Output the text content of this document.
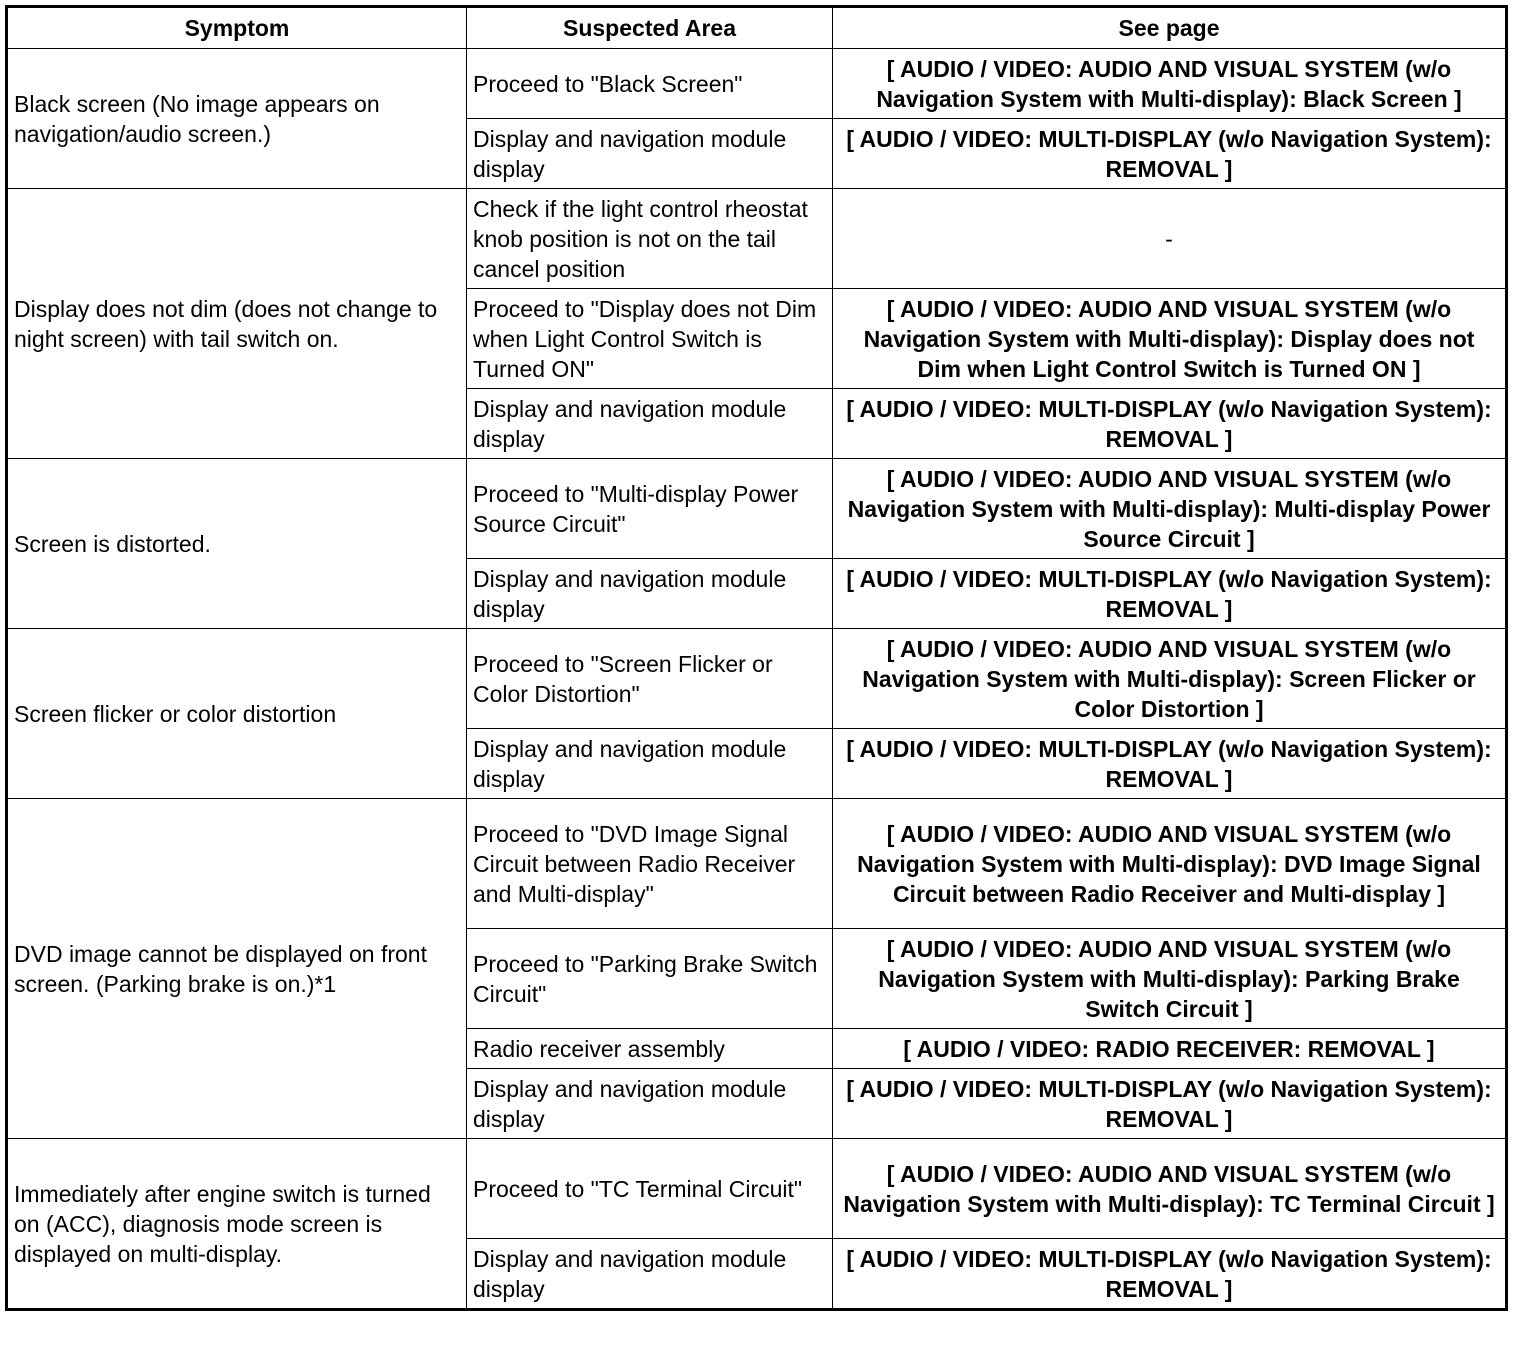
Symptom	Suspected Area	See page
Black screen (No image appears on navigation/audio screen.)	Proceed to "Black Screen"	[ AUDIO / VIDEO: AUDIO AND VISUAL SYSTEM (w/o Navigation System with Multi-display): Black Screen ]
	Display and navigation module display	[ AUDIO / VIDEO: MULTI-DISPLAY (w/o Navigation System): REMOVAL ]
Display does not dim (does not change to night screen) with tail switch on.	Check if the light control rheostat knob position is not on the tail cancel position	-
	Proceed to "Display does not Dim when Light Control Switch is Turned ON"	[ AUDIO / VIDEO: AUDIO AND VISUAL SYSTEM (w/o Navigation System with Multi-display): Display does not Dim when Light Control Switch is Turned ON ]
	Display and navigation module display	[ AUDIO / VIDEO: MULTI-DISPLAY (w/o Navigation System): REMOVAL ]
Screen is distorted.	Proceed to "Multi-display Power Source Circuit"	[ AUDIO / VIDEO: AUDIO AND VISUAL SYSTEM (w/o Navigation System with Multi-display): Multi-display Power Source Circuit ]
	Display and navigation module display	[ AUDIO / VIDEO: MULTI-DISPLAY (w/o Navigation System): REMOVAL ]
Screen flicker or color distortion	Proceed to "Screen Flicker or Color Distortion"	[ AUDIO / VIDEO: AUDIO AND VISUAL SYSTEM (w/o Navigation System with Multi-display): Screen Flicker or Color Distortion ]
	Display and navigation module display	[ AUDIO / VIDEO: MULTI-DISPLAY (w/o Navigation System): REMOVAL ]
DVD image cannot be displayed on front screen. (Parking brake is on.)*1	Proceed to "DVD Image Signal Circuit between Radio Receiver and Multi-display"	[ AUDIO / VIDEO: AUDIO AND VISUAL SYSTEM (w/o Navigation System with Multi-display): DVD Image Signal Circuit between Radio Receiver and Multi-display ]
	Proceed to "Parking Brake Switch Circuit"	[ AUDIO / VIDEO: AUDIO AND VISUAL SYSTEM (w/o Navigation System with Multi-display): Parking Brake Switch Circuit ]
	Radio receiver assembly	[ AUDIO / VIDEO: RADIO RECEIVER: REMOVAL ]
	Display and navigation module display	[ AUDIO / VIDEO: MULTI-DISPLAY (w/o Navigation System): REMOVAL ]
Immediately after engine switch is turned on (ACC), diagnosis mode screen is displayed on multi-display.	Proceed to "TC Terminal Circuit"	[ AUDIO / VIDEO: AUDIO AND VISUAL SYSTEM (w/o Navigation System with Multi-display): TC Terminal Circuit ]
	Display and navigation module display	[ AUDIO / VIDEO: MULTI-DISPLAY (w/o Navigation System): REMOVAL ]
